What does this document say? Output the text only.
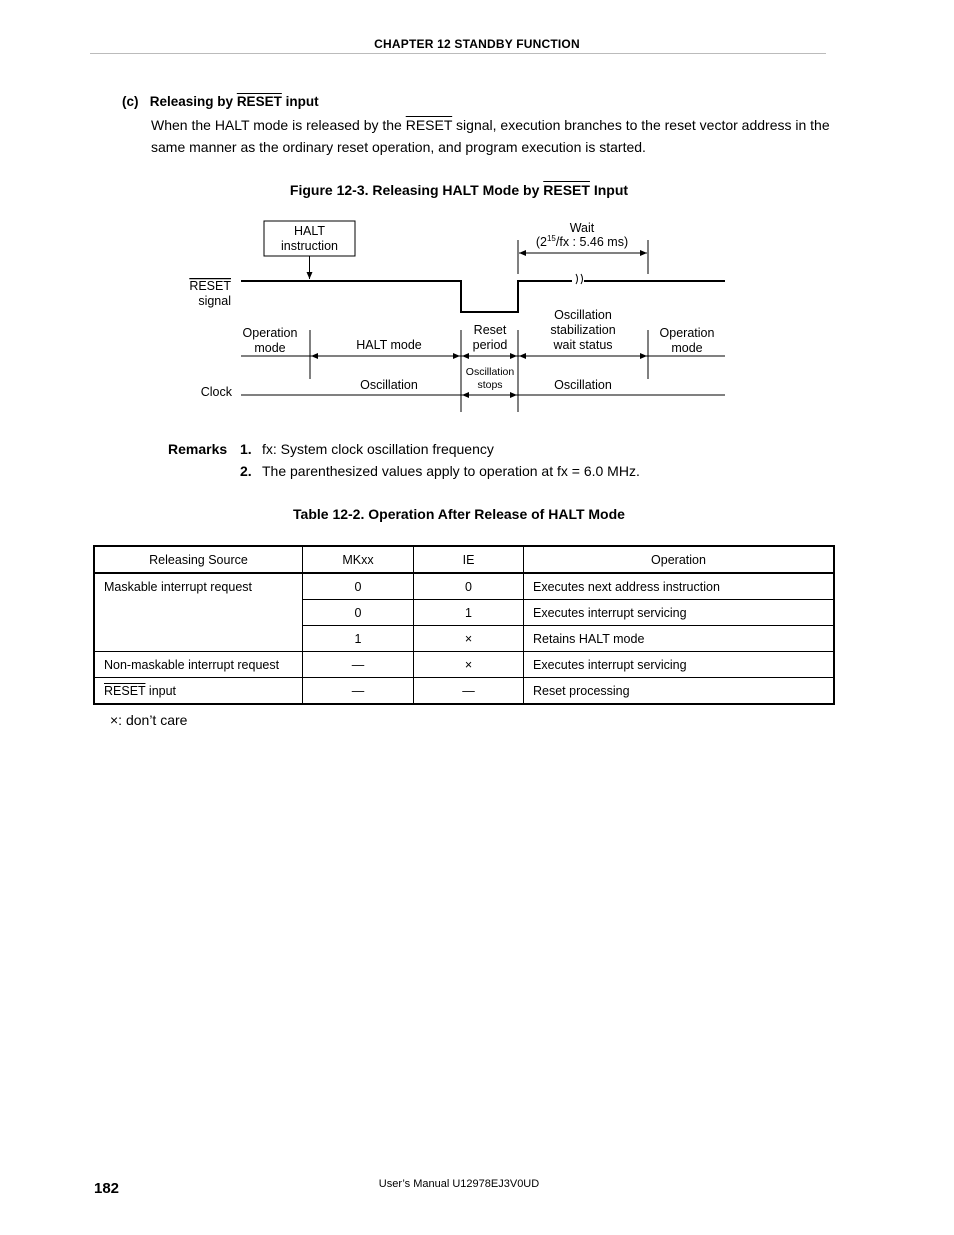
CHAPTER 12 STANDBY FUNCTION
(c) Releasing by RESET input
When the HALT mode is released by the RESET signal, execution branches to the reset vector address in the same manner as the ordinary reset operation, and program execution is started.
Figure 12-3. Releasing HALT Mode by RESET Input
HALT
instruction
Wait
($2^{15}/fx$ : 5.46 ms)
RESET
signal
Operation
mode	HALT mode
Reset
period
Oscillation
stabilization
wait status
Operation
mode
Clock	Oscillation
Oscillation
stops	Oscillation
Remarks 1. fx: System clock oscillation frequency
2. The parenthesized values apply to operation at fx = 6.0 MHz.
Table 12-2. Operation After Release of HALT Mode
Releasing Source	MKxx	IE	Operation
Maskable interrupt request	0	0	Executes next address instruction
	0	1	Executes interrupt servicing
	1	×	Retains HALT mode
Non-maskable interrupt request	—	×	Executes interrupt servicing
RESET input	—	—	Reset processing
×: don’t care
182	User’s Manual U12978EJ3V0UD
